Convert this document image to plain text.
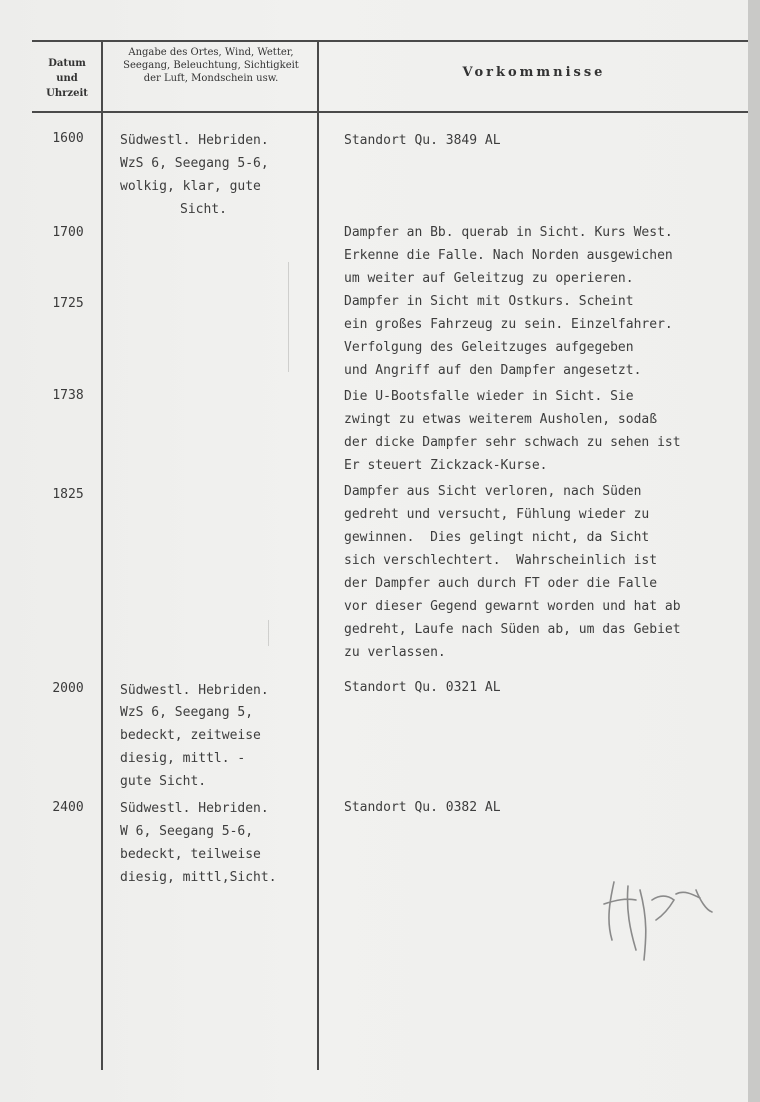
Datum
und
Uhrzeit
Angabe des Ortes, Wind, Wetter,
Seegang, Beleuchtung, Sichtigkeit
der Luft, Mondschein usw.	Vorkommnisse
1600
1700
1725
1738
1825
2000
2400
Südwestl. Hebriden.
WzS 6, Seegang 5-6,
wolkig, klar, gute
Sicht.
Südwestl. Hebriden.
WzS 6, Seegang 5,
bedeckt, zeitweise
diesig, mittl. -
gute Sicht.
Südwestl. Hebriden.
W 6, Seegang 5-6,
bedeckt, teilweise
diesig, mittl,Sicht.
Standort Qu. 3849 AL
Dampfer an Bb. querab in Sicht. Kurs West.
Erkenne die Falle. Nach Norden ausgewichen
um weiter auf Geleitzug zu operieren.
Dampfer in Sicht mit Ostkurs. Scheint
ein großes Fahrzeug zu sein. Einzelfahrer.
Verfolgung des Geleitzuges aufgegeben
und Angriff auf den Dampfer angesetzt.
Die U-Bootsfalle wieder in Sicht. Sie
zwingt zu etwas weiterem Ausholen, sodaß
der dicke Dampfer sehr schwach zu sehen ist
Er steuert Zickzack-Kurse.
Dampfer aus Sicht verloren, nach Süden
gedreht und versucht, Fühlung wieder zu
gewinnen.  Dies gelingt nicht, da Sicht
sich verschlechtert.  Wahrscheinlich ist
der Dampfer auch durch FT oder die Falle
vor dieser Gegend gewarnt worden und hat ab
gedreht, Laufe nach Süden ab, um das Gebiet
zu verlassen.
Standort Qu. 0321 AL
Standort Qu. 0382 AL
